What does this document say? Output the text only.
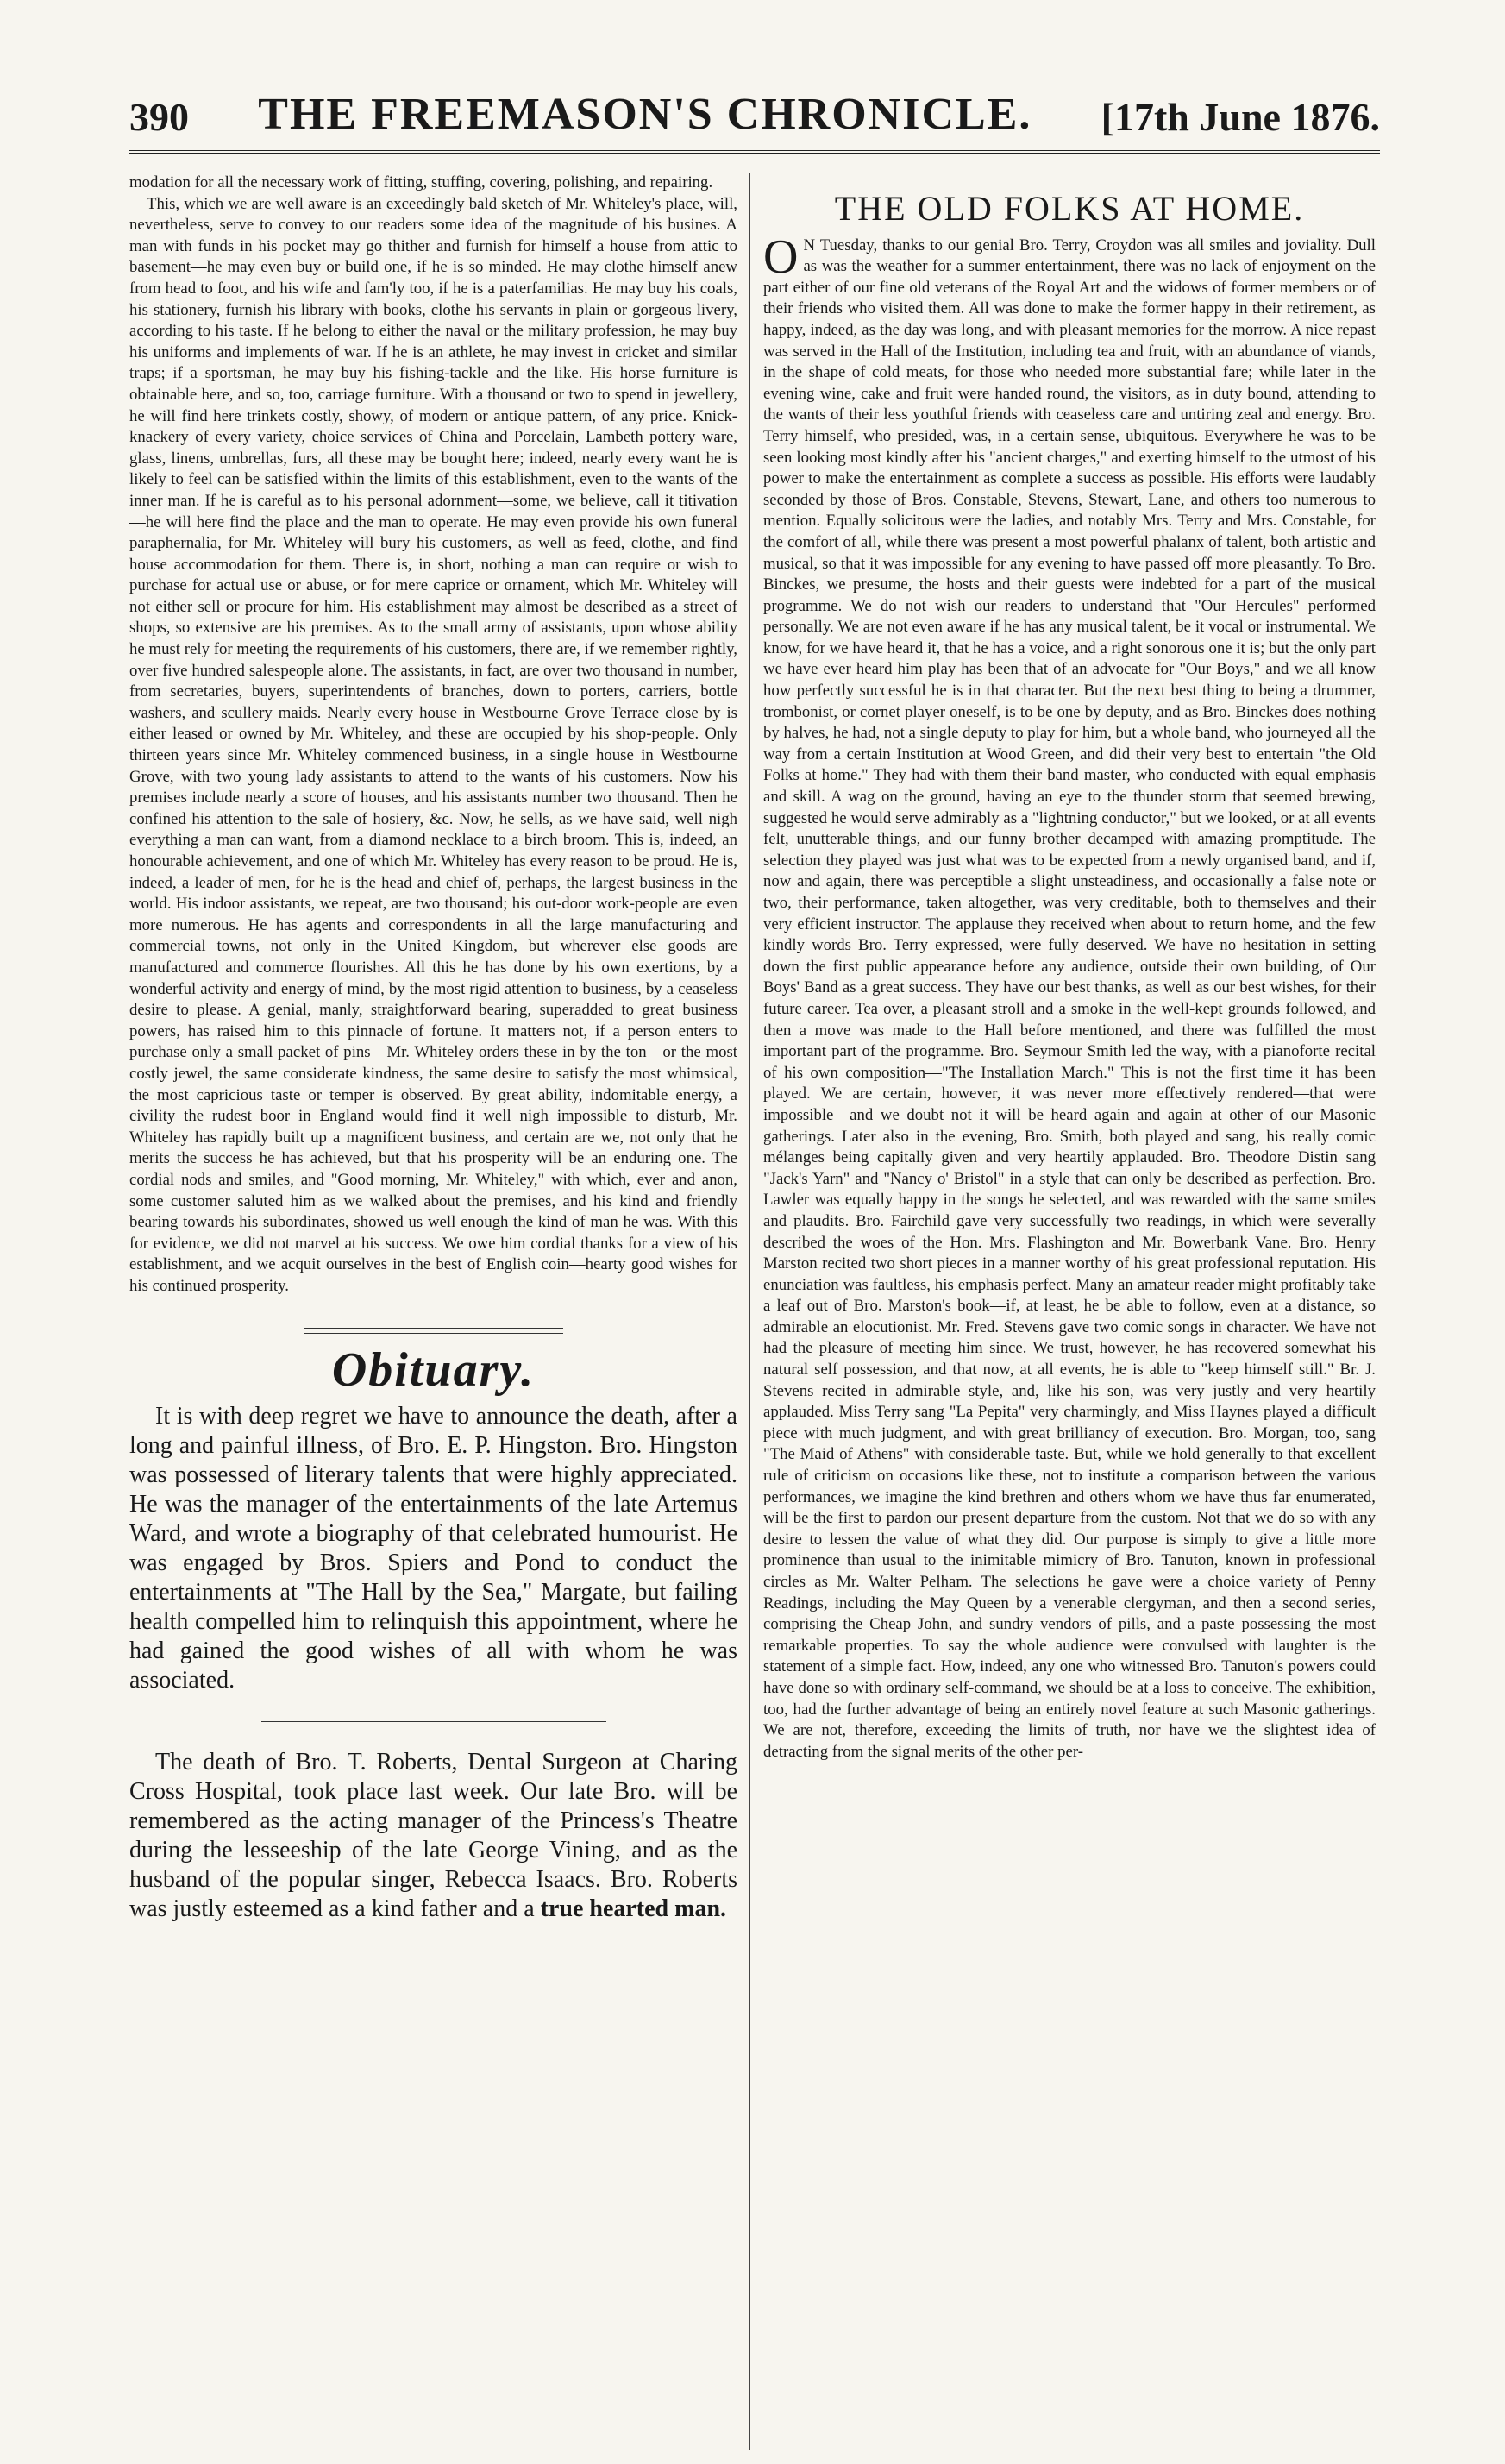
390 THE FREEMASON'S CHRONICLE. [17th June 1876.

modation for all the necessary work of fitting, stuffing, covering, polishing, and repairing.

This, which we are well aware is an exceedingly bald sketch of Mr. Whiteley's place, will, nevertheless, serve to convey to our readers some idea of the magnitude of his busines. A man with funds in his pocket may go thither and furnish for himself a house from attic to basement—he may even buy or build one, if he is so minded. He may clothe himself anew from head to foot, and his wife and fam'ly too, if he is a paterfamilias. He may buy his coals, his stationery, furnish his library with books, clothe his servants in plain or gorgeous livery, according to his taste. If he belong to either the naval or the military profession, he may buy his uniforms and implements of war. If he is an athlete, he may invest in cricket and similar traps; if a sportsman, he may buy his fishing-tackle and the like. His horse furniture is obtainable here, and so, too, carriage furniture. With a thousand or two to spend in jewellery, he will find here trinkets costly, showy, of modern or antique pattern, of any price. Knick-knackery of every variety, choice services of China and Porcelain, Lambeth pottery ware, glass, linens, umbrellas, furs, all these may be bought here; indeed, nearly every want he is likely to feel can be satisfied within the limits of this establishment, even to the wants of the inner man. If he is careful as to his personal adornment—some, we believe, call it titivation—he will here find the place and the man to operate. He may even provide his own funeral paraphernalia, for Mr. Whiteley will bury his customers, as well as feed, clothe, and find house accommodation for them. There is, in short, nothing a man can require or wish to purchase for actual use or abuse, or for mere caprice or ornament, which Mr. Whiteley will not either sell or procure for him. His establishment may almost be described as a street of shops, so extensive are his premises. As to the small army of assistants, upon whose ability he must rely for meeting the requirements of his customers, there are, if we remember rightly, over five hundred salespeople alone. The assistants, in fact, are over two thousand in number, from secretaries, buyers, superintendents of branches, down to porters, carriers, bottle washers, and scullery maids. Nearly every house in Westbourne Grove Terrace close by is either leased or owned by Mr. Whiteley, and these are occupied by his shop-people. Only thirteen years since Mr. Whiteley commenced business, in a single house in Westbourne Grove, with two young lady assistants to attend to the wants of his customers. Now his premises include nearly a score of houses, and his assistants number two thousand. Then he confined his attention to the sale of hosiery, &c. Now, he sells, as we have said, well nigh everything a man can want, from a diamond necklace to a birch broom. This is, indeed, an honourable achievement, and one of which Mr. Whiteley has every reason to be proud. He is, indeed, a leader of men, for he is the head and chief of, perhaps, the largest business in the world. His indoor assistants, we repeat, are two thousand; his out-door work-people are even more numerous. He has agents and correspondents in all the large manufacturing and commercial towns, not only in the United Kingdom, but wherever else goods are manufactured and commerce flourishes. All this he has done by his own exertions, by a wonderful activity and energy of mind, by the most rigid attention to business, by a ceaseless desire to please. A genial, manly, straightforward bearing, superadded to great business powers, has raised him to this pinnacle of fortune. It matters not, if a person enters to purchase only a small packet of pins—Mr. Whiteley orders these in by the ton—or the most costly jewel, the same considerate kindness, the same desire to satisfy the most whimsical, the most capricious taste or temper is observed. By great ability, indomitable energy, a civility the rudest boor in England would find it well nigh impossible to disturb, Mr. Whiteley has rapidly built up a magnificent business, and certain are we, not only that he merits the success he has achieved, but that his prosperity will be an enduring one. The cordial nods and smiles, and "Good morning, Mr. Whiteley," with which, ever and anon, some customer saluted him as we walked about the premises, and his kind and friendly bearing towards his subordinates, showed us well enough the kind of man he was. With this for evidence, we did not marvel at his success. We owe him cordial thanks for a view of his establishment, and we acquit ourselves in the best of English coin—hearty good wishes for his continued prosperity.

Obituary.

It is with deep regret we have to announce the death, after a long and painful illness, of Bro. E. P. Hingston. Bro. Hingston was possessed of literary talents that were highly appreciated. He was the manager of the entertainments of the late Artemus Ward, and wrote a biography of that celebrated humourist. He was engaged by Bros. Spiers and Pond to conduct the entertainments at "The Hall by the Sea," Margate, but failing health compelled him to relinquish this appointment, where he had gained the good wishes of all with whom he was associated.

The death of Bro. T. Roberts, Dental Surgeon at Charing Cross Hospital, took place last week. Our late Bro. will be remembered as the acting manager of the Princess's Theatre during the lesseeship of the late George Vining, and as the husband of the popular singer, Rebecca Isaacs. Bro. Roberts was justly esteemed as a kind father and a true hearted man.

THE OLD FOLKS AT HOME.

O N Tuesday, thanks to our genial Bro. Terry, Croydon was all smiles and joviality. Dull as was the weather for a summer entertainment, there was no lack of enjoyment on the part either of our fine old veterans of the Royal Art and the widows of former members or of their friends who visited them. All was done to make the former happy in their retirement, as happy, indeed, as the day was long, and with pleasant memories for the morrow. A nice repast was served in the Hall of the Institution, including tea and fruit, with an abundance of viands, in the shape of cold meats, for those who needed more substantial fare; while later in the evening wine, cake and fruit were handed round, the visitors, as in duty bound, attending to the wants of their less youthful friends with ceaseless care and untiring zeal and energy. Bro. Terry himself, who presided, was, in a certain sense, ubiquitous. Everywhere he was to be seen looking most kindly after his "ancient charges," and exerting himself to the utmost of his power to make the entertainment as complete a success as possible. His efforts were laudably seconded by those of Bros. Constable, Stevens, Stewart, Lane, and others too numerous to mention. Equally solicitous were the ladies, and notably Mrs. Terry and Mrs. Constable, for the comfort of all, while there was present a most powerful phalanx of talent, both artistic and musical, so that it was impossible for any evening to have passed off more pleasantly. To Bro. Binckes, we presume, the hosts and their guests were indebted for a part of the musical programme. We do not wish our readers to understand that "Our Hercules" performed personally. We are not even aware if he has any musical talent, be it vocal or instrumental. We know, for we have heard it, that he has a voice, and a right sonorous one it is; but the only part we have ever heard him play has been that of an advocate for "Our Boys," and we all know how perfectly successful he is in that character. But the next best thing to being a drummer, trombonist, or cornet player oneself, is to be one by deputy, and as Bro. Binckes does nothing by halves, he had, not a single deputy to play for him, but a whole band, who journeyed all the way from a certain Institution at Wood Green, and did their very best to entertain "the Old Folks at home." They had with them their band master, who conducted with equal emphasis and skill. A wag on the ground, having an eye to the thunder storm that seemed brewing, suggested he would serve admirably as a "lightning conductor," but we looked, or at all events felt, unutterable things, and our funny brother decamped with amazing promptitude. The selection they played was just what was to be expected from a newly organised band, and if, now and again, there was perceptible a slight unsteadiness, and occasionally a false note or two, their performance, taken altogether, was very creditable, both to themselves and their very efficient instructor. The applause they received when about to return home, and the few kindly words Bro. Terry expressed, were fully deserved. We have no hesitation in setting down the first public appearance before any audience, outside their own building, of Our Boys' Band as a great success. They have our best thanks, as well as our best wishes, for their future career. Tea over, a pleasant stroll and a smoke in the well-kept grounds followed, and then a move was made to the Hall before mentioned, and there was fulfilled the most important part of the programme. Bro. Seymour Smith led the way, with a pianoforte recital of his own composition—"The Installation March." This is not the first time it has been played. We are certain, however, it was never more effectively rendered—that were impossible—and we doubt not it will be heard again and again at other of our Masonic gatherings. Later also in the evening, Bro. Smith, both played and sang, his really comic mélanges being capitally given and very heartily applauded. Bro. Theodore Distin sang "Jack's Yarn" and "Nancy o' Bristol" in a style that can only be described as perfection. Bro. Lawler was equally happy in the songs he selected, and was rewarded with the same smiles and plaudits. Bro. Fairchild gave very successfully two readings, in which were severally described the woes of the Hon. Mrs. Flashington and Mr. Bowerbank Vane. Bro. Henry Marston recited two short pieces in a manner worthy of his great professional reputation. His enunciation was faultless, his emphasis perfect. Many an amateur reader might profitably take a leaf out of Bro. Marston's book—if, at least, he be able to follow, even at a distance, so admirable an elocutionist. Mr. Fred. Stevens gave two comic songs in character. We have not had the pleasure of meeting him since. We trust, however, he has recovered somewhat his natural self possession, and that now, at all events, he is able to "keep himself still." Br. J. Stevens recited in admirable style, and, like his son, was very justly and very heartily applauded. Miss Terry sang "La Pepita" very charmingly, and Miss Haynes played a difficult piece with much judgment, and with great brilliancy of execution. Bro. Morgan, too, sang "The Maid of Athens" with considerable taste. But, while we hold generally to that excellent rule of criticism on occasions like these, not to institute a comparison between the various performances, we imagine the kind brethren and others whom we have thus far enumerated, will be the first to pardon our present departure from the custom. Not that we do so with any desire to lessen the value of what they did. Our purpose is simply to give a little more prominence than usual to the inimitable mimicry of Bro. Tanuton, known in professional circles as Mr. Walter Pelham. The selections he gave were a choice variety of Penny Readings, including the May Queen by a venerable clergyman, and then a second series, comprising the Cheap John, and sundry vendors of pills, and a paste possessing the most remarkable properties. To say the whole audience were convulsed with laughter is the statement of a simple fact. How, indeed, any one who witnessed Bro. Tanuton's powers could have done so with ordinary self-command, we should be at a loss to conceive. The exhibition, too, had the further advantage of being an entirely novel feature at such Masonic gatherings. We are not, therefore, exceeding the limits of truth, nor have we the slightest idea of detracting from the signal merits of the other per-
